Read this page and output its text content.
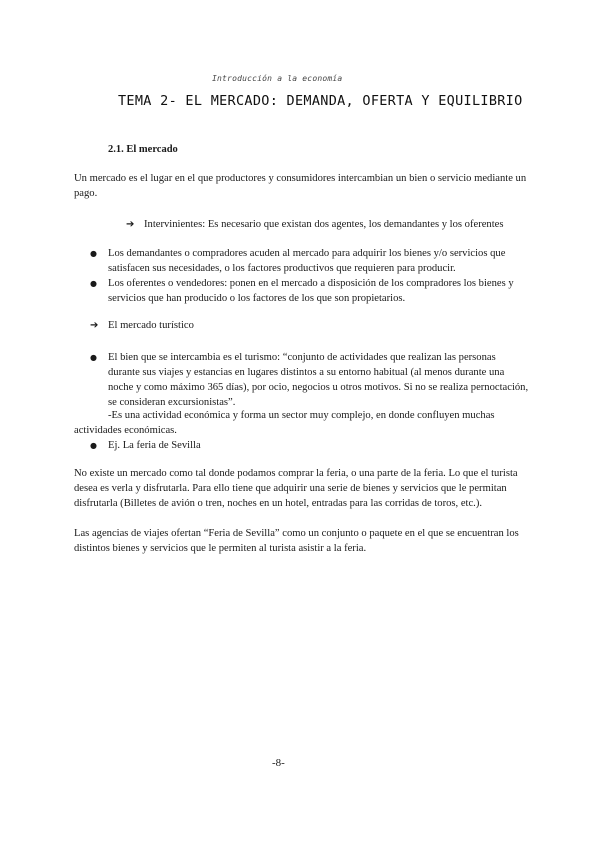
Introducción a la economía
TEMA 2- EL MERCADO: DEMANDA, OFERTA Y EQUILIBRIO
2.1. El mercado
Un mercado es el lugar en el que productores y consumidores intercambian un bien o servicio mediante un pago.
➔ Intervinientes: Es necesario que existan dos agentes, los demandantes y los oferentes
● Los demandantes o compradores acuden al mercado para adquirir los bienes y/o servicios que satisfacen sus necesidades, o los factores productivos que requieren para producir.
● Los oferentes o vendedores: ponen en el mercado a disposición de los compradores los bienes y servicios que han producido o los factores de los que son propietarios.
➔ El mercado turístico
● El bien que se intercambia es el turismo: “conjunto de actividades que realizan las personas durante sus viajes y estancias en lugares distintos a su entorno habitual (al menos durante una noche y como máximo 365 días), por ocio, negocios u otros motivos. Si no se realiza pernoctación, se consideran excursionistas”.
-Es una actividad económica y forma un sector muy complejo, en donde confluyen muchas actividades económicas.
● Ej. La feria de Sevilla
No existe un mercado como tal donde podamos comprar la feria, o una parte de la feria. Lo que el turista desea es verla y disfrutarla. Para ello tiene que adquirir una serie de bienes y servicios que le permitan disfrutarla (Billetes de avión o tren, noches en un hotel, entradas para las corridas de toros, etc.).
Las agencias de viajes ofertan “Feria de Sevilla” como un conjunto o paquete en el que se encuentran los distintos bienes y servicios que le permiten al turista asistir a la feria.
-8-
